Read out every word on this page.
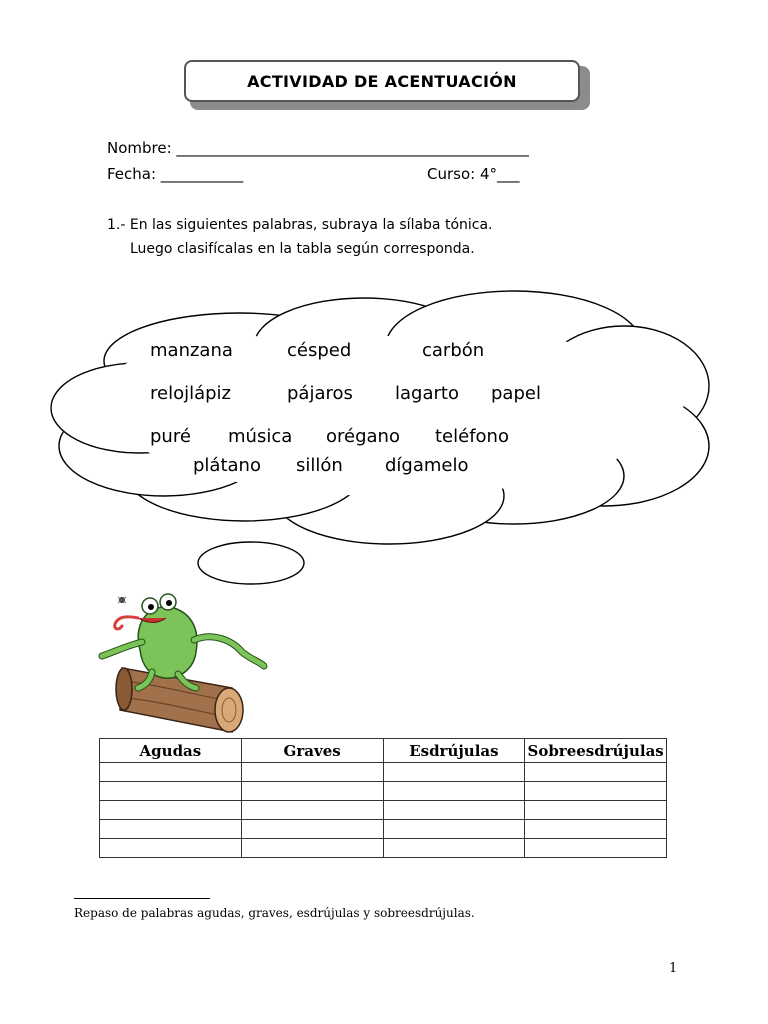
ACTIVIDAD DE ACENTUACIÓN
Nombre: _______________________________________________
Fecha: ___________	Curso: 4°___
1.- En las siguientes palabras, subraya la sílaba tónica.
Luego clasifícalas en la tabla según corresponda.
manzana	césped	carbón
relojlápiz	pájaros lagarto papel
puré música orégano teléfono
plátano sillón dígamelo
Agudas	Graves	Esdrújulas	Sobreesdrújulas

Repaso de palabras agudas, graves, esdrújulas y sobreesdrújulas.
1
